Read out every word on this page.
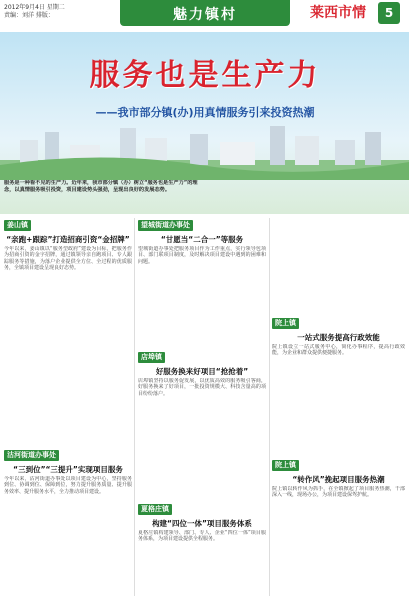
2012年9月4日 星期二
责编：刘洋 排版：	魅力镇村	莱西市情	5
服务也是生产力
——我市部分镇(办)用真情服务引来投资热潮
服务是一种看不见的生产力。近年来，我市部分镇（办）树立“服务也是生产力”的理念，以真情服务吸引投资，项目建设势头强劲，呈现出良好的发展态势。
姜山镇
“亲跑+跟踪”打造招商引资“金招牌”
今年以来，姜山镇以“服务型政府”建设为目标，把服务作为招商引资的金字招牌，通过镇领导亲自跑项目、专人跟踪服务等措施，为落户企业提供全方位、全过程的优质服务，全镇项目建设呈现良好态势。
沽河街道办事处
“三到位”“三提升”实现项目服务
今年以来，沽河街道办事处以项目建设为中心，坚持服务到位、协调到位、保障到位，努力提升服务质量、提升服务效率、提升服务水平，全力推动项目建设。
望城街道办事处
“甘愿当“二合一”等服务
望城街道办事处把服务项目作为工作重点，实行领导包项目、部门联项目制度，及时解决项目建设中遇到的困难和问题。
店埠镇
好服务换来好项目“抢抢着”
店埠镇坚持以服务促发展，以优质高效的服务吸引客商，好服务换来了好项目，一批投资规模大、科技含量高的项目纷纷落户。
夏格庄镇
构建“四位一体”项目服务体系
夏格庄镇构建领导、部门、专人、企业“四位一体”项目服务体系，为项目建设提供全程服务。
院上镇
一站式服务提高行政效能
院上镇设立一站式服务中心，简化办事程序，提高行政效能，为企业和群众提供便捷服务。
院上镇
“转作风”挽起项目服务热潮
院上镇以转作风为抓手，在全镇掀起了项目服务热潮，干部深入一线，现场办公，为项目建设保驾护航。
